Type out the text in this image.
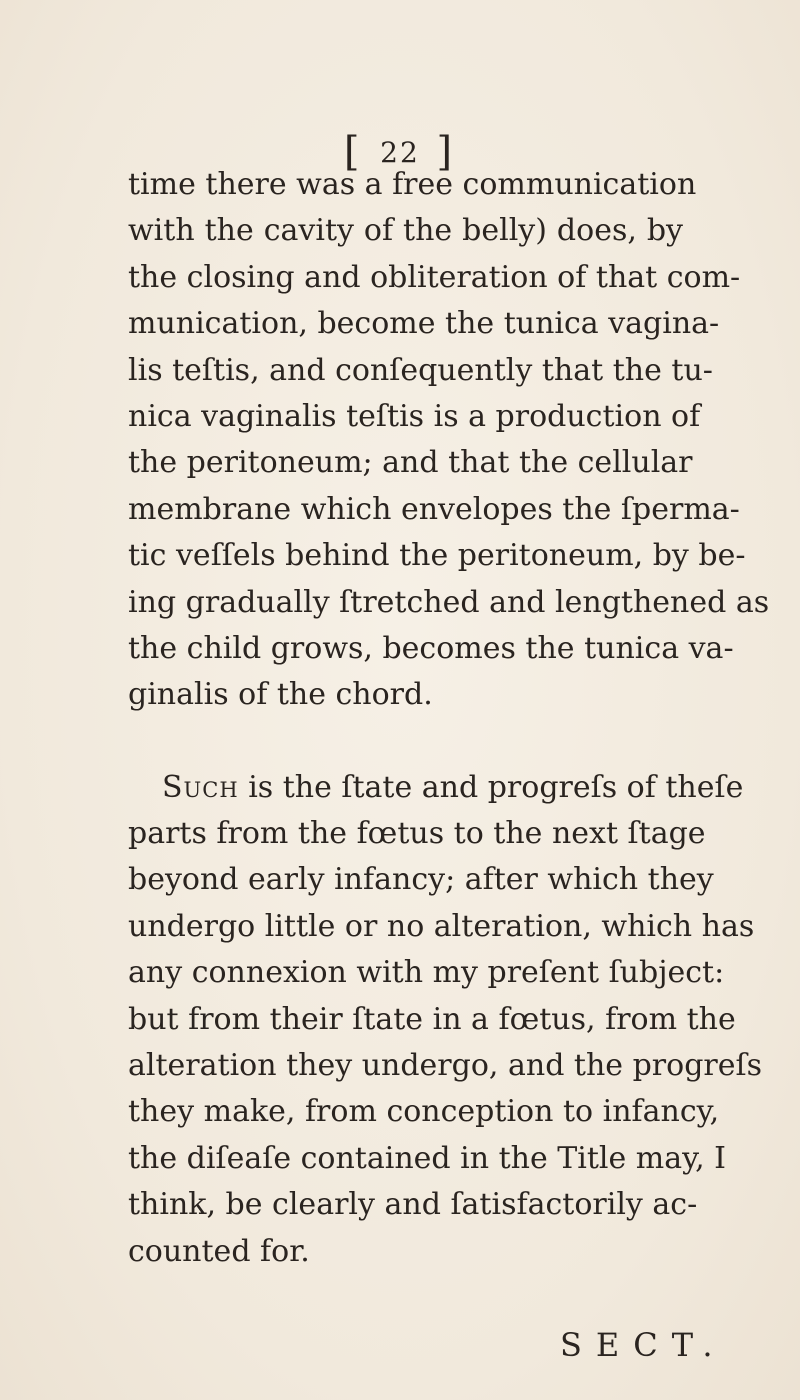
[ 22 ]
time there was a free communication
with the cavity of the belly) does, by
the closing and obliteration of that com-
munication, become the tunica vagina-
lis teſtis, and conſequently that the tu-
nica vaginalis teſtis is a production of
the peritoneum; and that the cellular
membrane which envelopes the ſperma-
tic veſſels behind the peritoneum, by be-
ing gradually ſtretched and lengthened as
the child grows, becomes the tunica va-
ginalis of the chord.
Such is the ſtate and progreſs of theſe
parts from the fœtus to the next ſtage
beyond early infancy; after which they
undergo little or no alteration, which has
any connexion with my preſent ſubject:
but from their ſtate in a fœtus, from the
alteration they undergo, and the progreſs
they make, from conception to infancy,
the diſeaſe contained in the Title may, I
think, be clearly and ſatisfactorily ac-
counted for.
SECT.
